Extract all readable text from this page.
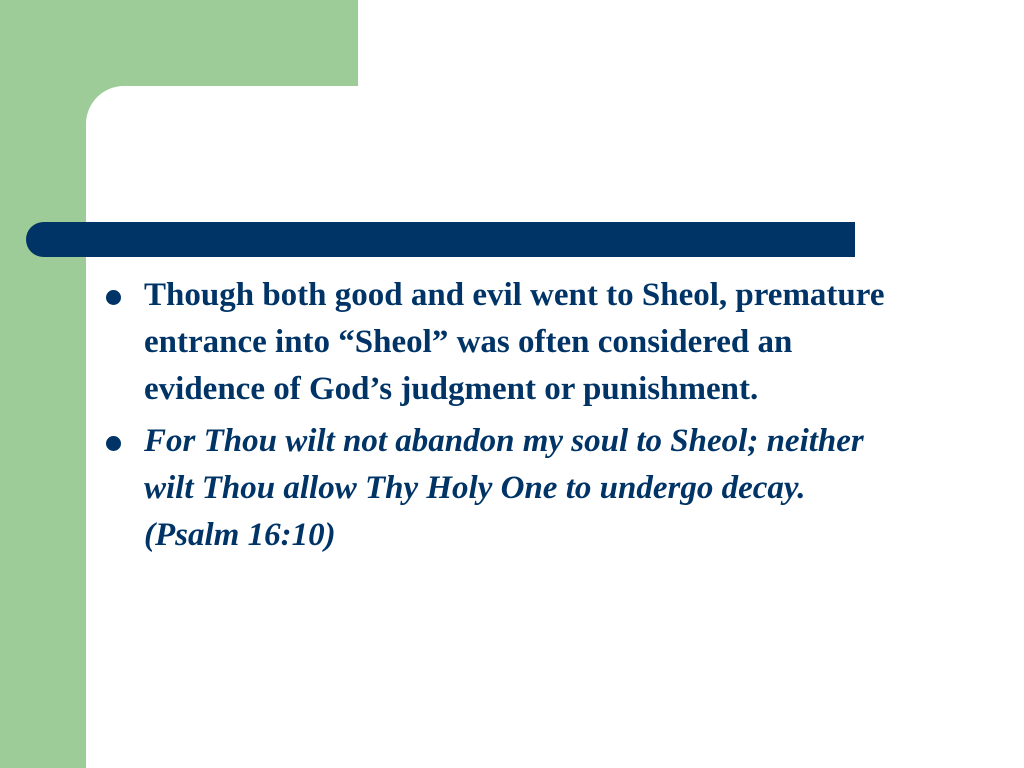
Though both good and evil went to Sheol, premature entrance into “Sheol” was often considered an evidence of God’s judgment or punishment.
For Thou wilt not abandon my soul to Sheol; neither wilt Thou allow Thy Holy One to undergo decay. (Psalm 16:10)
